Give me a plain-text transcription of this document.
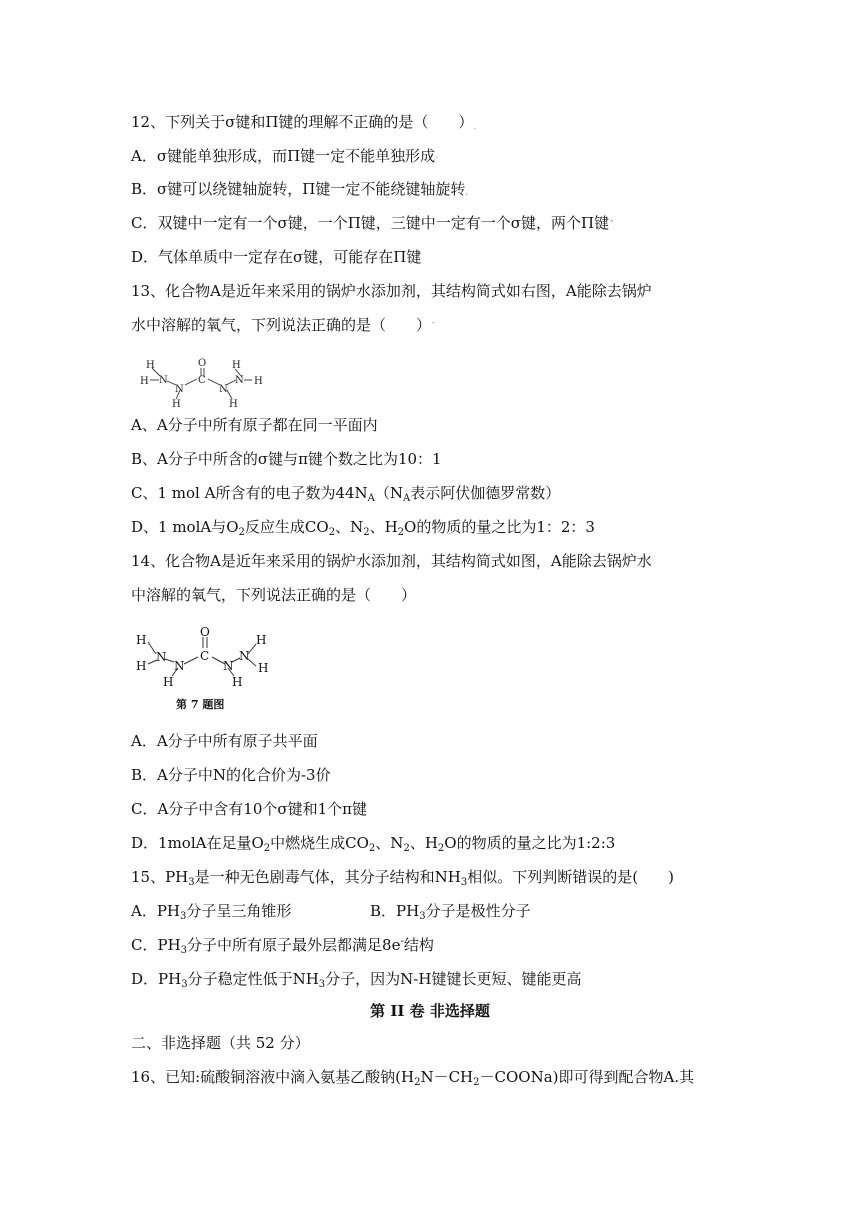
12、下列关于σ键和Π键的理解不正确的是（　　）ˎ
A．σ键能单独形成，而Π键一定不能单独形成ˑ
B．σ键可以绕键轴旋转，Π键一定不能绕键轴旋转ˌ
C．双键中一定有一个σ键，一个Π键，三键中一定有一个σ键，两个Π键˄
D．气体单质中一定存在σ键，可能存在Π键
13、化合物A是近年来采用的锅炉水添加剂，其结构简式如右图，A能除去锅炉
水中溶解的氧气，下列说法正确的是（　　）ˉ
H
H N
N
H
O
C
N
N
H
H
H
A、A分子中所有原子都在同一平面内
B、A分子中所含的σ键与π键个数之比为10：1
C、1 mol A所含有的电子数为$44N_A(N_A$表示阿伏伽德罗常数）
D、1 molA与$O_2$反应生成$CO_2$、$N_2$、$H_2O$的物质的量之比为1：2：3
14、化合物A是近年来采用的锅炉水添加剂，其结构简式如图，A能除去锅炉水
中溶解的氧气，下列说法正确的是（　　）
H
H
N
N
H
O
C
N
N
H
H
H
第 7 题图
A．A分子中所有原子共平面
B．A分子中N的化合价为-3价
C．A分子中含有10个σ键和1个π键
D．1molA在足量$O_2$中燃烧生成$CO_2$、$N_2$、$H_2O$的物质的量之比为1:2:3
15、$PH_3$是一种无色剧毒气体，其分子结构和$NH_3$相似。下列判断错误的是(　　)
A．$PH_3$分子呈三角锥形	B．$PH_3$分子是极性分子
C．$PH_3$分子中所有原子最外层都满足8e-结构
D．$PH_3$分子稳定性低于$NH_3$分子，因为N-H键键长更短、键能更高
第 II 卷 非选择题
二、非选择题（共 52 分）
16、已知:硫酸铜溶液中滴入氨基乙酸钠$(H_2N-CH_2-COONa)$即可得到配合物A.其
